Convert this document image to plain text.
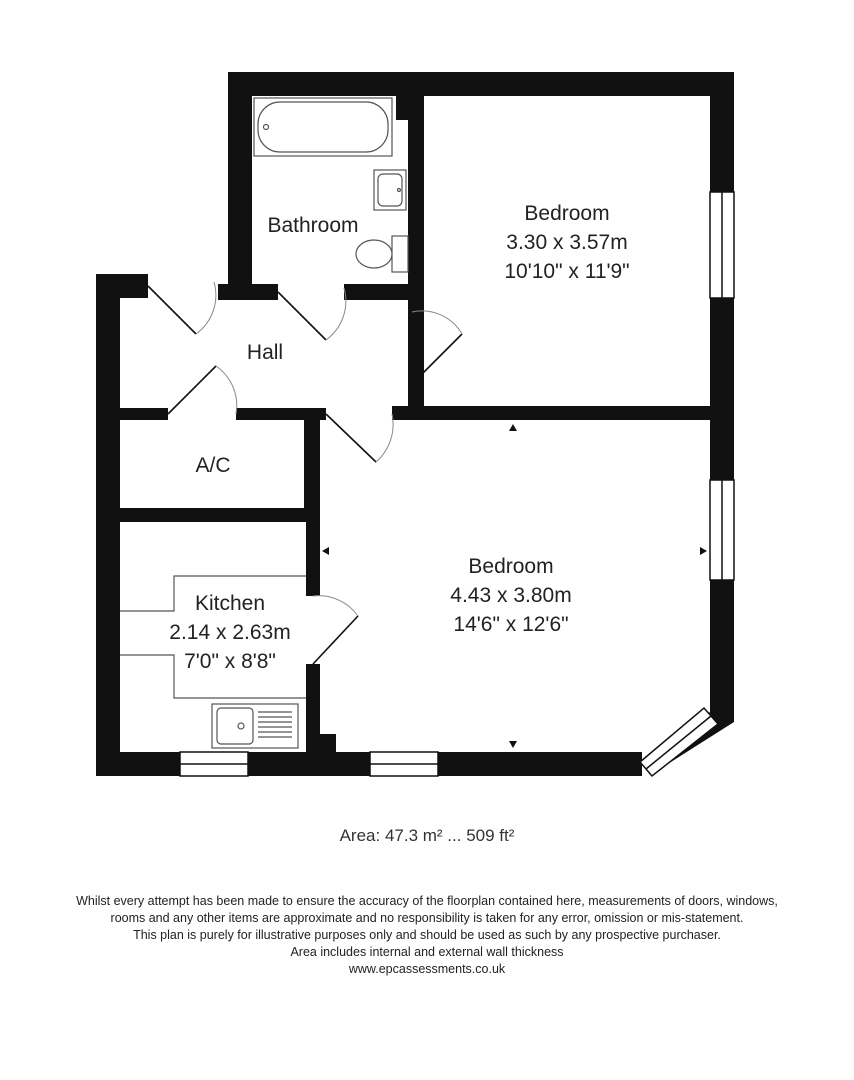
Bathroom
Bedroom
3.30 x 3.57m
10'10" x 11'9"
Hall
A/C
Kitchen
2.14 x 2.63m
7'0" x 8'8"
Bedroom
4.43 x 3.80m
14'6" x 12'6"
Area: 47.3 m² ... 509 ft²
Whilst every attempt has been made to ensure the accuracy of the floorplan contained here, measurements of doors, windows,
rooms and any other items are approximate and no responsibility is taken for any error, omission or mis-statement.
This plan is purely for illustrative purposes only and should be used as such by any prospective purchaser.
Area includes internal and external wall thickness
www.epcassessments.co.uk
